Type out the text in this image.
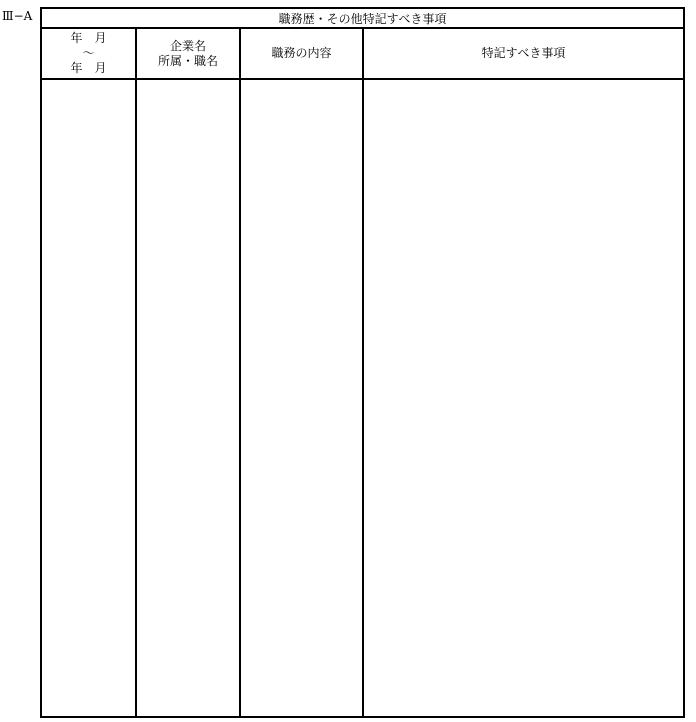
Ⅲ−A	職務歴・その他特記すべき事項
年　月
～
年　月
企業名
所属・職名
職務の内容	特記すべき事項
